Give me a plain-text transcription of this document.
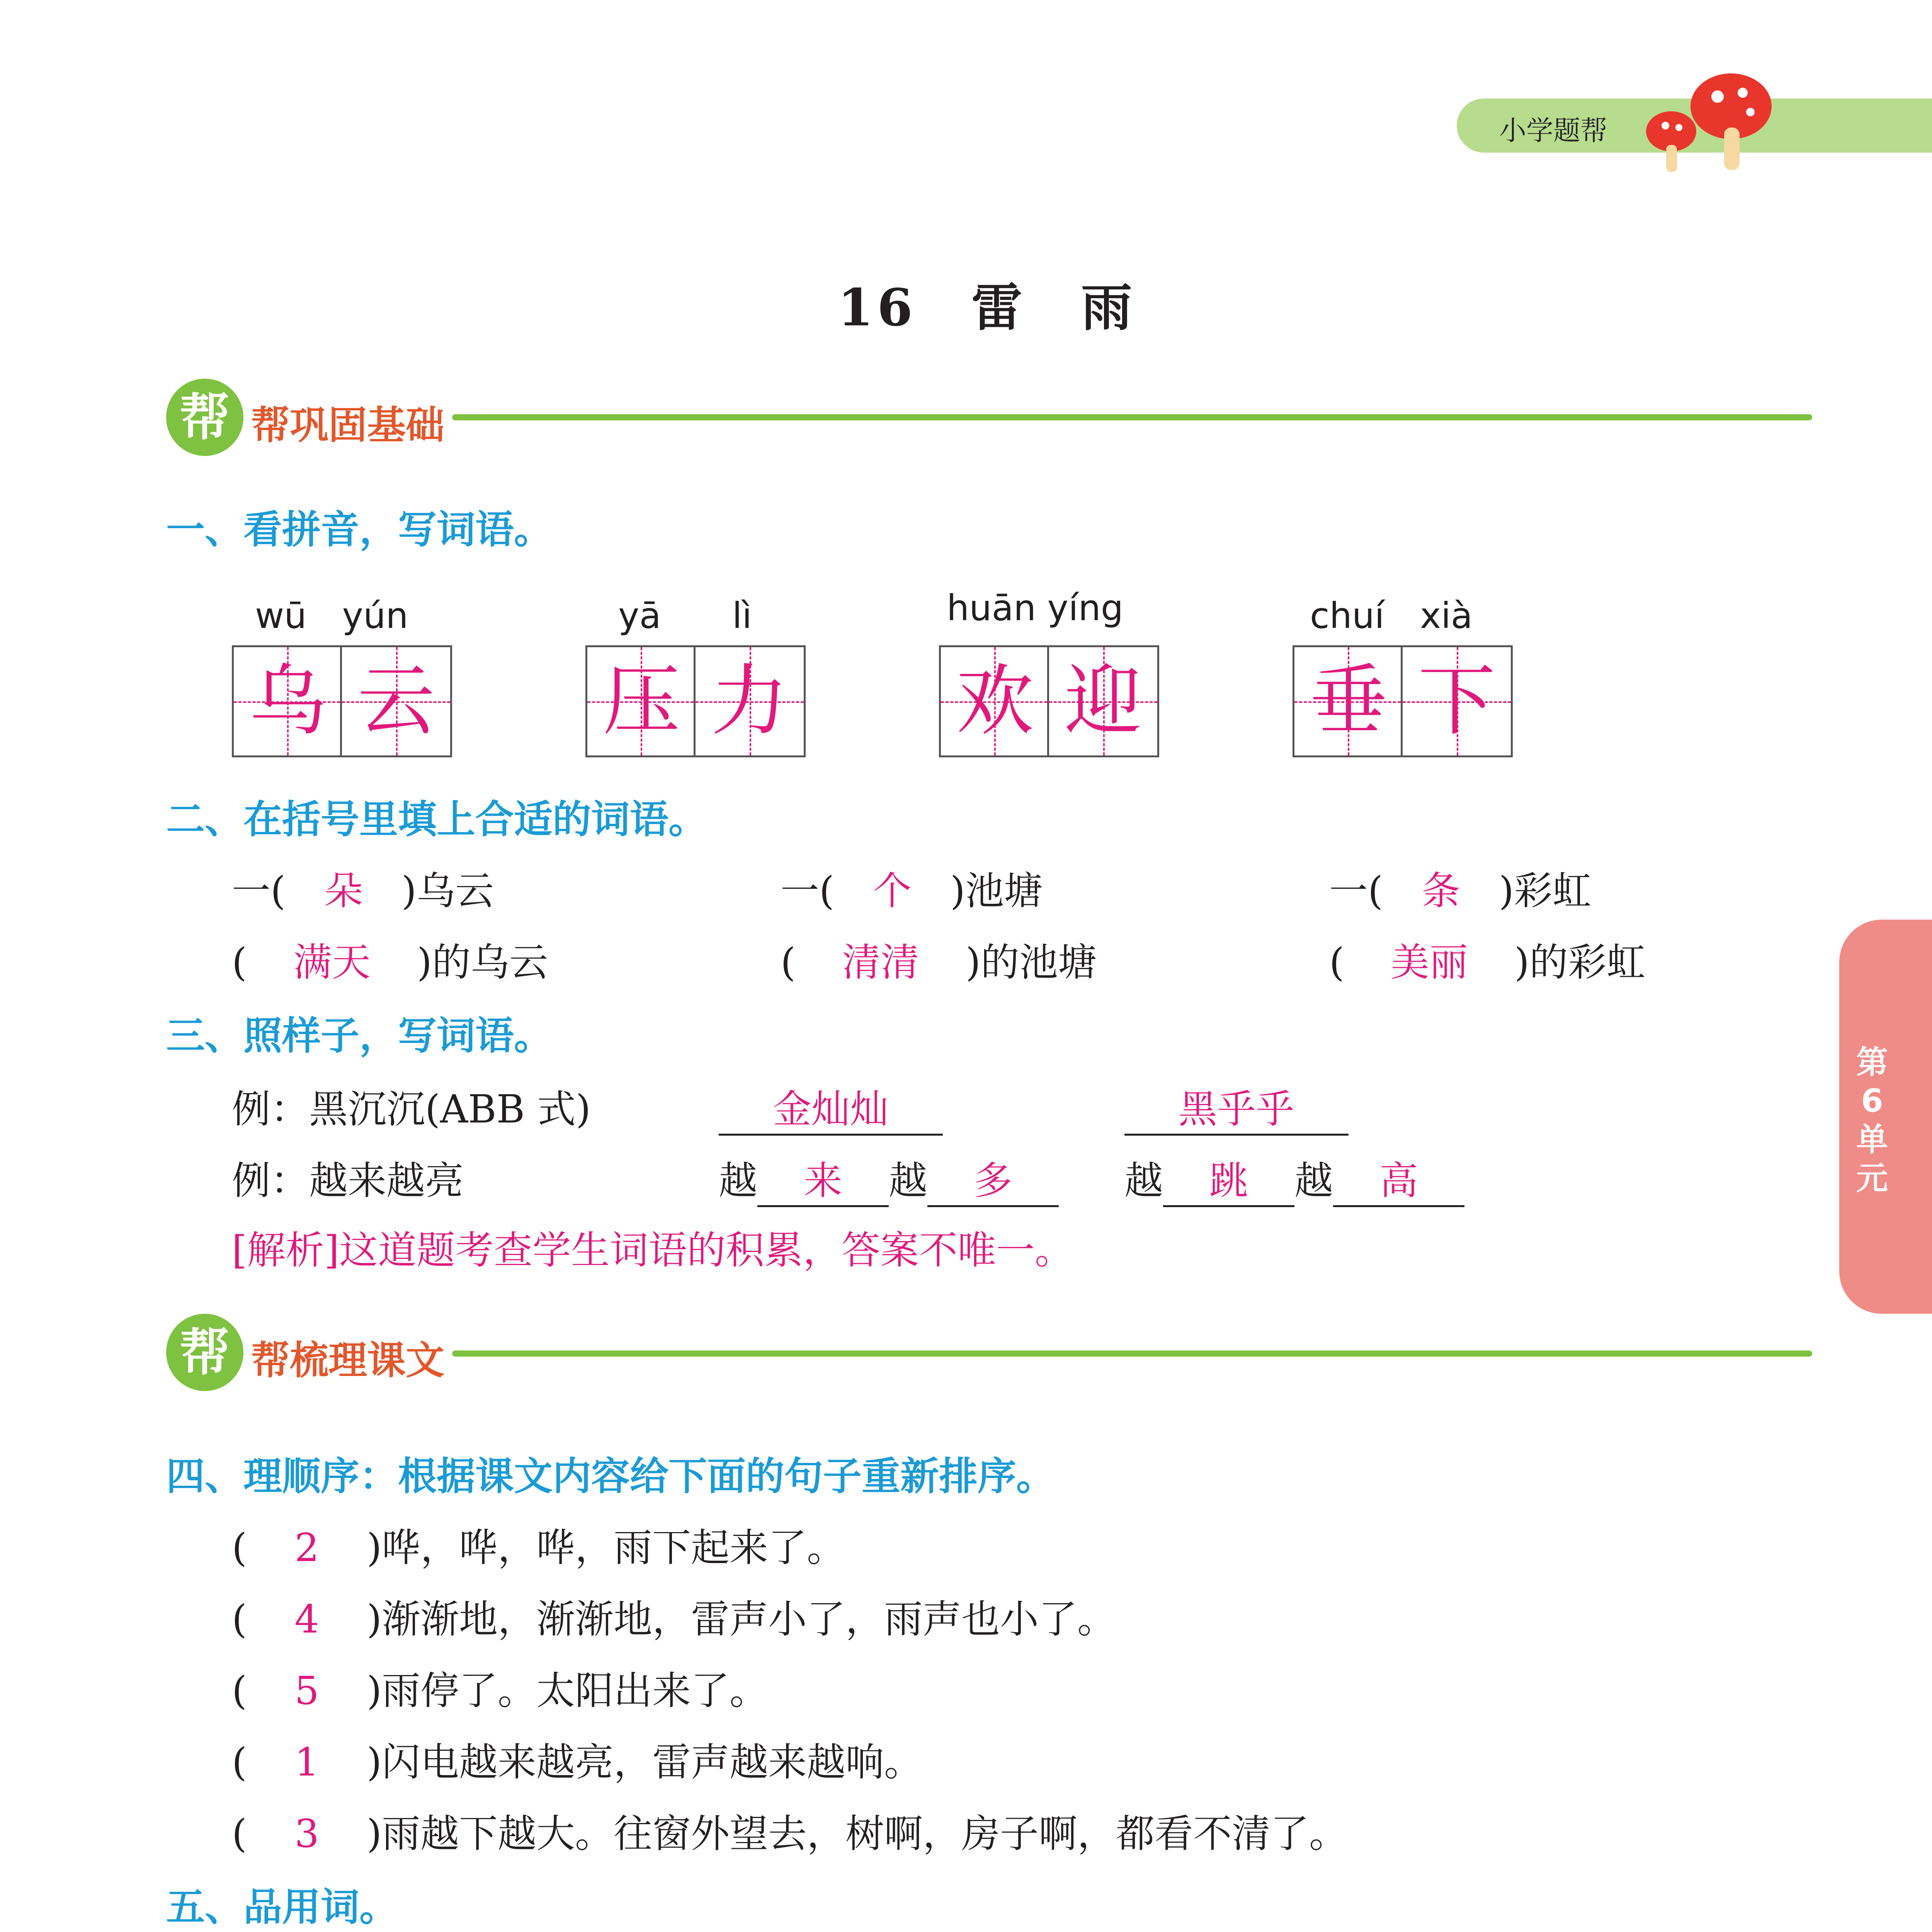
小学题帮
第6单元
16　雷　雨
帮 帮巩固基础
一、看拼音，写词语。
wū　yún
乌 云
yā　　lì
压 力
huān yíng
欢 迎
chuí　xià
垂 下
二、在括号里填上合适的词语。
一( 朵 )乌云	一( 个 )池塘	一( 条 )彩虹
( 满天 )的乌云	( 清清 )的池塘	( 美丽 )的彩虹
三、照样子，写词语。
例：黑沉沉(ABB 式)	金灿灿	黑乎乎
例：越来越亮	越 来 越 多	越 跳 越 高
[解析]这道题考查学生词语的积累，答案不唯一。
帮 帮梳理课文
四、理顺序：根据课文内容给下面的句子重新排序。
( 2 )哗，哗，哗，雨下起来了。
( 4 )渐渐地，渐渐地，雷声小了，雨声也小了。
( 5 )雨停了。太阳出来了。
( 1 )闪电越来越亮，雷声越来越响。
( 3 )雨越下越大。往窗外望去，树啊，房子啊，都看不清了。
五、品用词。
